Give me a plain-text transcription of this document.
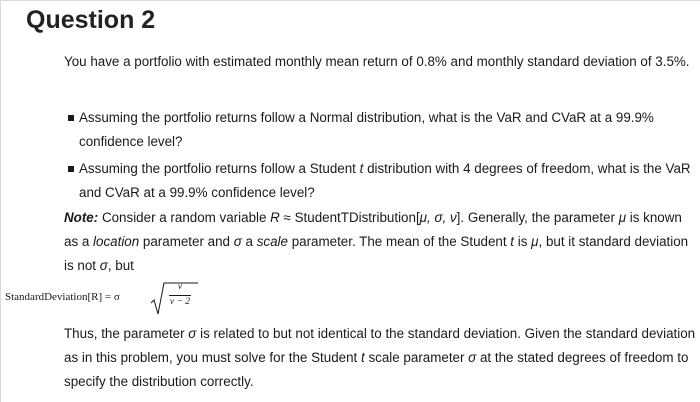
Question 2

You have a portfolio with estimated monthly mean return of 0.8% and monthly standard deviation of 3.5%.

Assuming the portfolio returns follow a Normal distribution, what is the VaR and CVaR at a 99.9% confidence level?
Assuming the portfolio returns follow a Student t distribution with 4 degrees of freedom, what is the VaR and CVaR at a 99.9% confidence level?

Note: Consider a random variable R ≈ StudentTDistribution[μ, σ, ν]. Generally, the parameter μ is known as a location parameter and σ a scale parameter. The mean of the Student t is μ, but it standard deviation is not σ, but

StandardDeviation[R] = σ
ν
ν − 2

Thus, the parameter σ is related to but not identical to the standard deviation. Given the standard deviation as in this problem, you must solve for the Student t scale parameter σ at the stated degrees of freedom to specify the distribution correctly.
